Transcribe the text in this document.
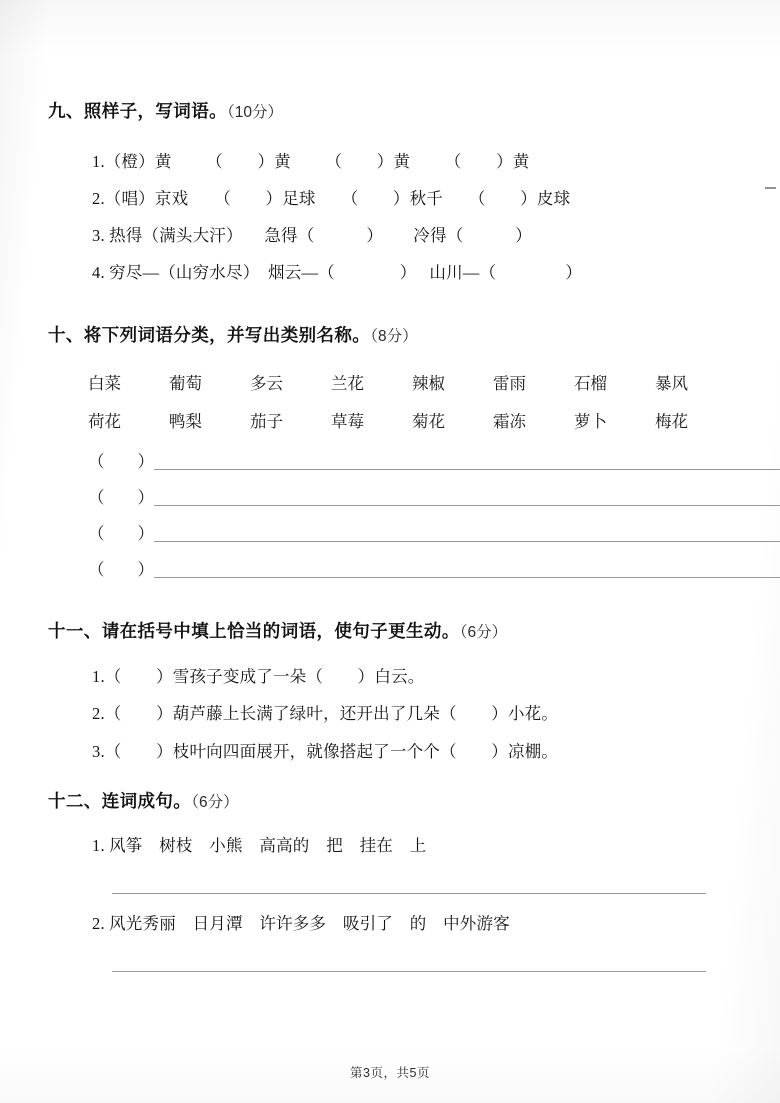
九、照样子，写词语。（10分）
1.（橙）黄        （        ）黄        （        ）黄        （        ）黄
2.（唱）京戏      （        ）足球      （        ）秋千      （        ）皮球
3. 热得（满头大汗）     急得（            ）       冷得（            ）
4. 穷尽—（山穷水尽）  烟云—（               ）   山川—（                ）
十、将下列词语分类，并写出类别名称。（8分）
白菜	葡萄	多云	兰花	辣椒	雷雨	石榴	暴风
荷花	鸭梨	茄子	草莓	菊花	霜冻	萝卜	梅花
（        ）
（        ）
（        ）
（        ）
十一、请在括号中填上恰当的词语，使句子更生动。（6分）
1.（        ）雪孩子变成了一朵（        ）白云。
2.（        ）葫芦藤上长满了绿叶，还开出了几朵（        ）小花。
3.（        ）枝叶向四面展开，就像搭起了一个个（        ）凉棚。
十二、连词成句。（6分）
1. 风筝　树枝　小熊　高高的　把　挂在　上
2. 风光秀丽　日月潭　许许多多　吸引了　的　中外游客
第3页，共5页
